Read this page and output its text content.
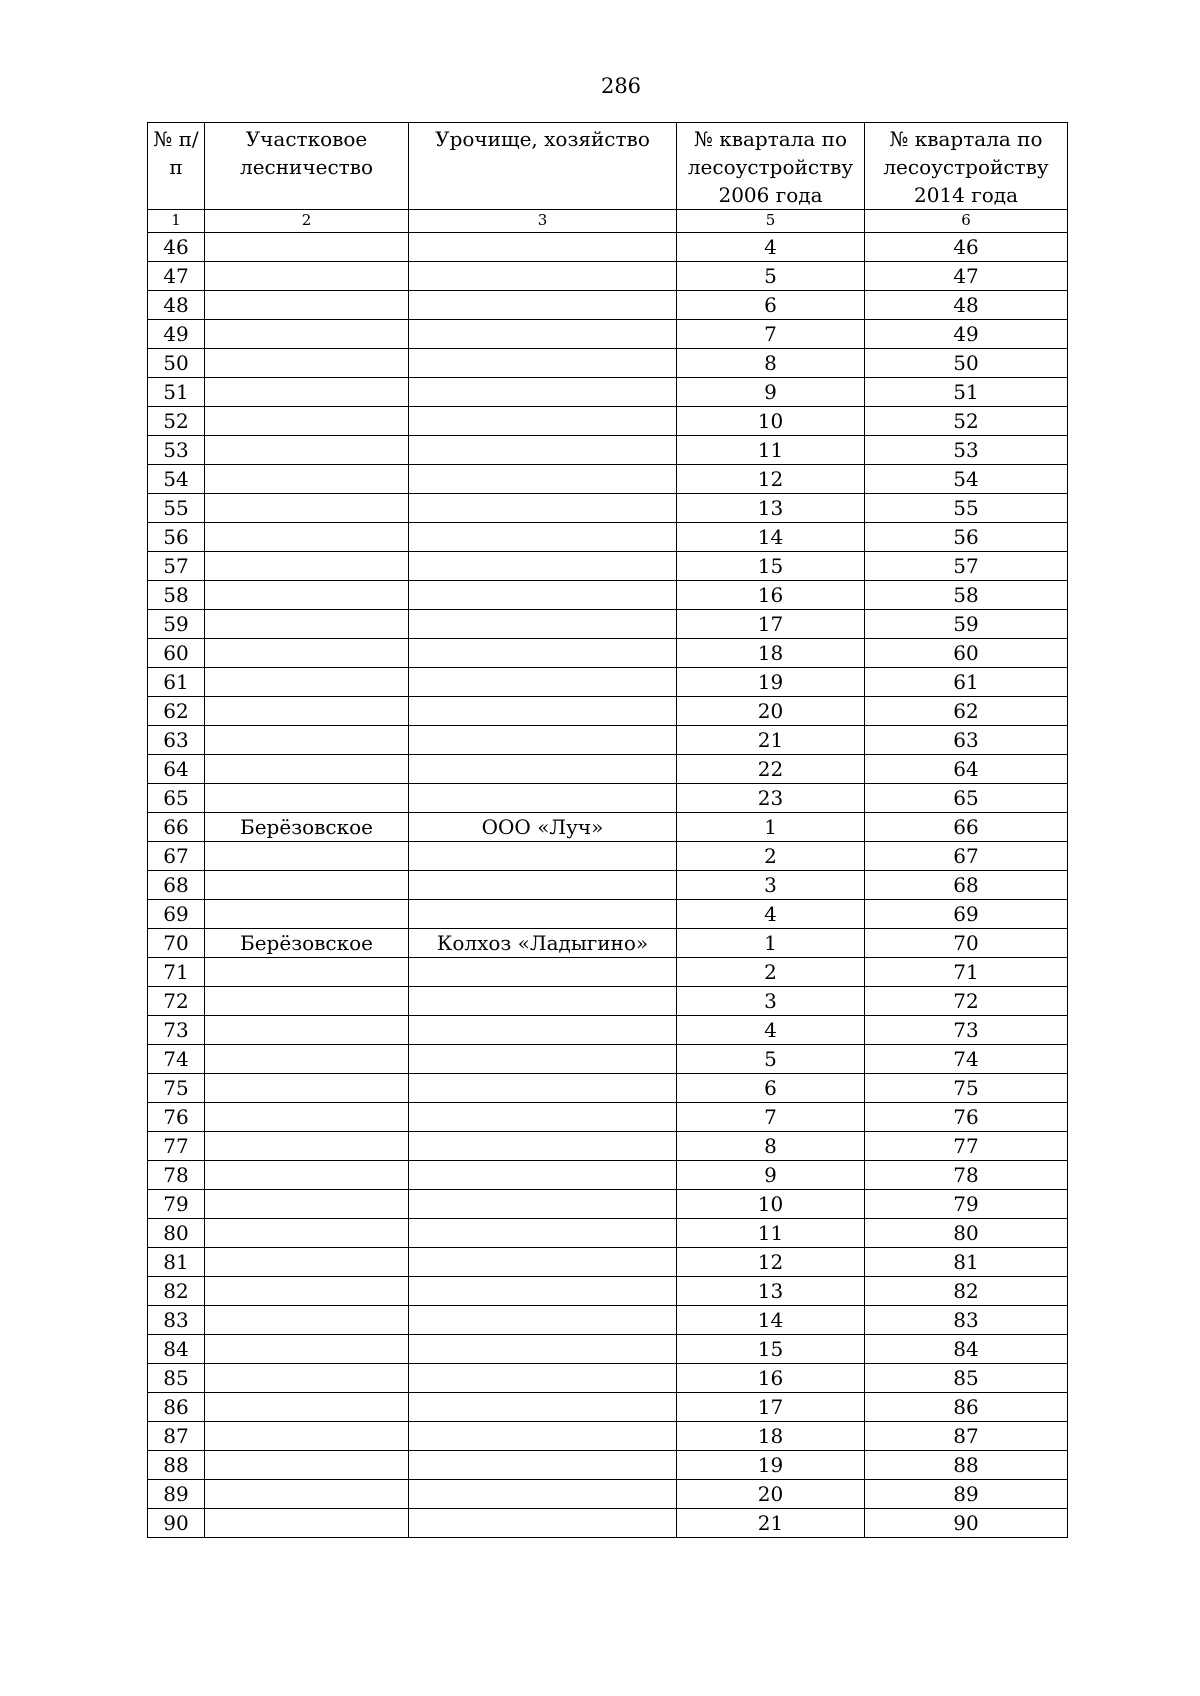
286
№ п/п	Участковое лесничество	Урочище, хозяйство	№ квартала по лесоустройству 2006 года	№ квартала по лесоустройству 2014 года
1	2	3	5	6
46			4	46
47			5	47
48			6	48
49			7	49
50			8	50
51			9	51
52			10	52
53			11	53
54			12	54
55			13	55
56			14	56
57			15	57
58			16	58
59			17	59
60			18	60
61			19	61
62			20	62
63			21	63
64			22	64
65			23	65
66	Берёзовское	ООО «Луч»	1	66
67			2	67
68			3	68
69			4	69
70	Берёзовское	Колхоз «Ладыгино»	1	70
71			2	71
72			3	72
73			4	73
74			5	74
75			6	75
76			7	76
77			8	77
78			9	78
79			10	79
80			11	80
81			12	81
82			13	82
83			14	83
84			15	84
85			16	85
86			17	86
87			18	87
88			19	88
89			20	89
90			21	90
